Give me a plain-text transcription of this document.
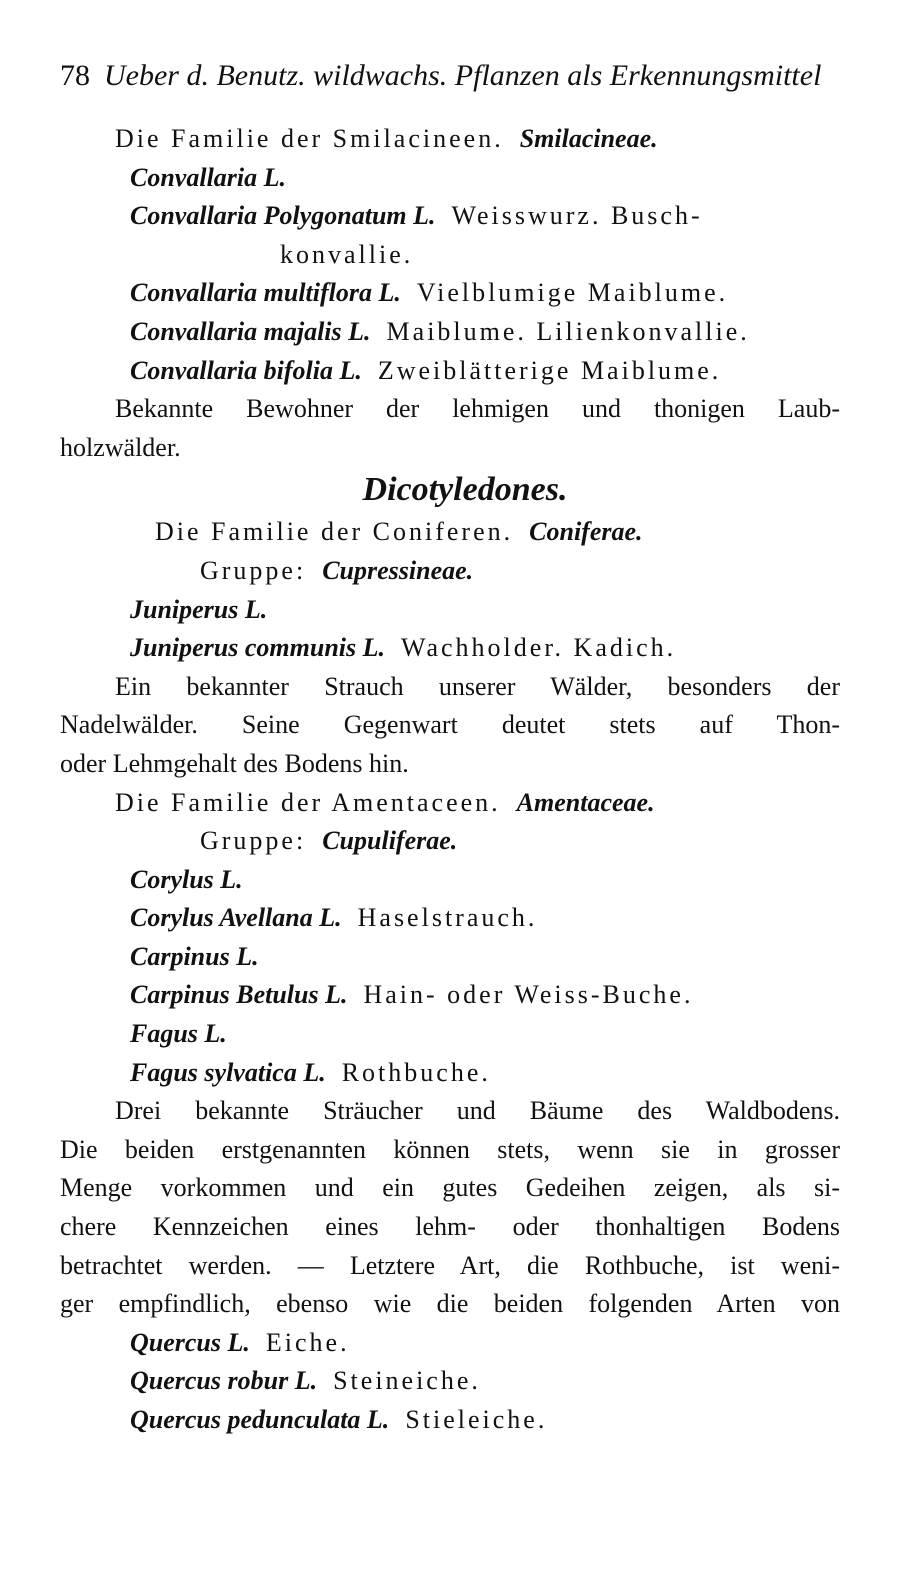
78 Ueber d. Benutz. wildwachs. Pflanzen als Erkennungsmittel
Die Familie der Smilacineen. Smilacineae.
Convallaria L.
Convallaria Polygonatum L. Weisswurz. Busch-
konvallie.
Convallaria multiflora L. Vielblumige Maiblume.
Convallaria majalis L. Maiblume. Lilienkonvallie.
Convallaria bifolia L. Zweiblätterige Maiblume.
Bekannte Bewohner der lehmigen und thonigen Laub-
holzwälder.
Dicotyledones.
Die Familie der Coniferen. Coniferae.
Gruppe: Cupressineae.
Juniperus L.
Juniperus communis L. Wachholder. Kadich.
Ein bekannter Strauch unserer Wälder, besonders der
Nadelwälder. Seine Gegenwart deutet stets auf Thon-
oder Lehmgehalt des Bodens hin.
Die Familie der Amentaceen. Amentaceae.
Gruppe: Cupuliferae.
Corylus L.
Corylus Avellana L. Haselstrauch.
Carpinus L.
Carpinus Betulus L. Hain- oder Weiss-Buche.
Fagus L.
Fagus sylvatica L. Rothbuche.
Drei bekannte Sträucher und Bäume des Waldbodens.
Die beiden erstgenannten können stets, wenn sie in grosser
Menge vorkommen und ein gutes Gedeihen zeigen, als si-
chere Kennzeichen eines lehm- oder thonhaltigen Bodens
betrachtet werden. — Letztere Art, die Rothbuche, ist weni-
ger empfindlich, ebenso wie die beiden folgenden Arten von
Quercus L. Eiche.
Quercus robur L. Steineiche.
Quercus pedunculata L. Stieleiche.
